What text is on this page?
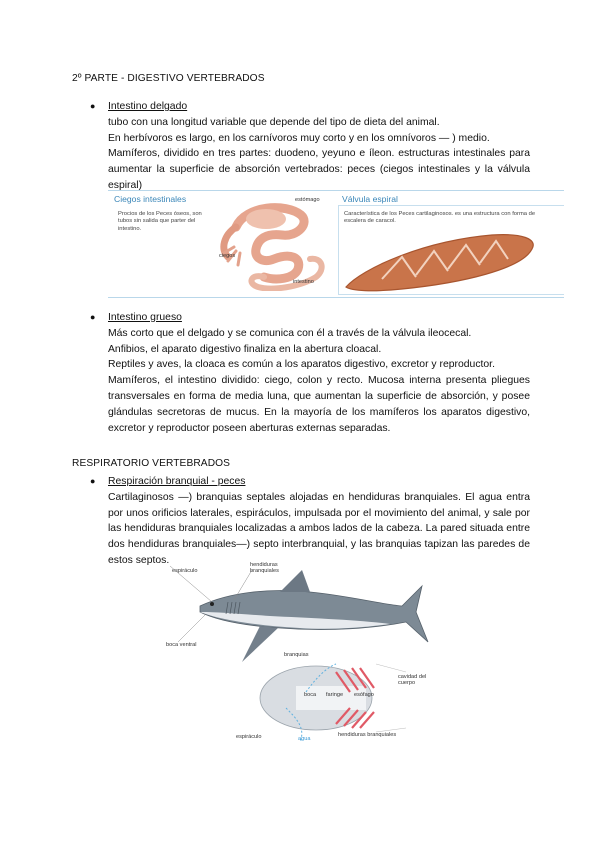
2º PARTE - DIGESTIVO VERTEBRADOS
● Intestino delgado
tubo con una longitud variable que depende del tipo de dieta del animal.
En herbívoros es largo, en los carnívoros muy corto y en los omnívoros — ) medio.
Mamíferos, dividido en tres partes: duodeno, yeyuno e íleon. estructuras intestinales para aumentar la superficie de absorción vertebrados: peces (ciegos intestinales y la válvula espiral)
Ciegos intestinales
Procios de los Peces óseos, son tubos sin salida que parter del intestino.
estómago
ciegos
intestino
Válvula espiral
Característica de los Peces cartilaginosos. es una estructura con forma de escalera de caracol.
● Intestino grueso
Más corto que el delgado y se comunica con él a través de la válvula ileocecal.
Anfibios, el aparato digestivo finaliza en la abertura cloacal.
Reptiles y aves, la cloaca es común a los aparatos digestivo, excretor y reproductor.
Mamíferos, el intestino dividido: ciego, colon y recto. Mucosa interna presenta pliegues transversales en forma de media luna, que aumentan la superficie de absorción, y posee glándulas secretoras de mucus. En la mayoría de los mamíferos los aparatos digestivo, excretor y reproductor poseen aberturas externas separadas.
RESPIRATORIO VERTEBRADOS
● Respiración branquial - peces
Cartilaginosos —) branquias septales alojadas en hendiduras branquiales. El agua entra por unos orificios laterales, espiráculos, impulsada por el movimiento del animal, y sale por las hendiduras branquiales localizadas a ambos lados de la cabeza. La pared situada entre dos hendiduras branquiales—) septo interbranquial, y las branquias tapizan las paredes de estos septos.
espiráculo
hendiduras branquiales
boca ventral
branquias
cavidad del cuerpo
boca faringe esófago
espiráculo	agua
hendiduras branquiales
